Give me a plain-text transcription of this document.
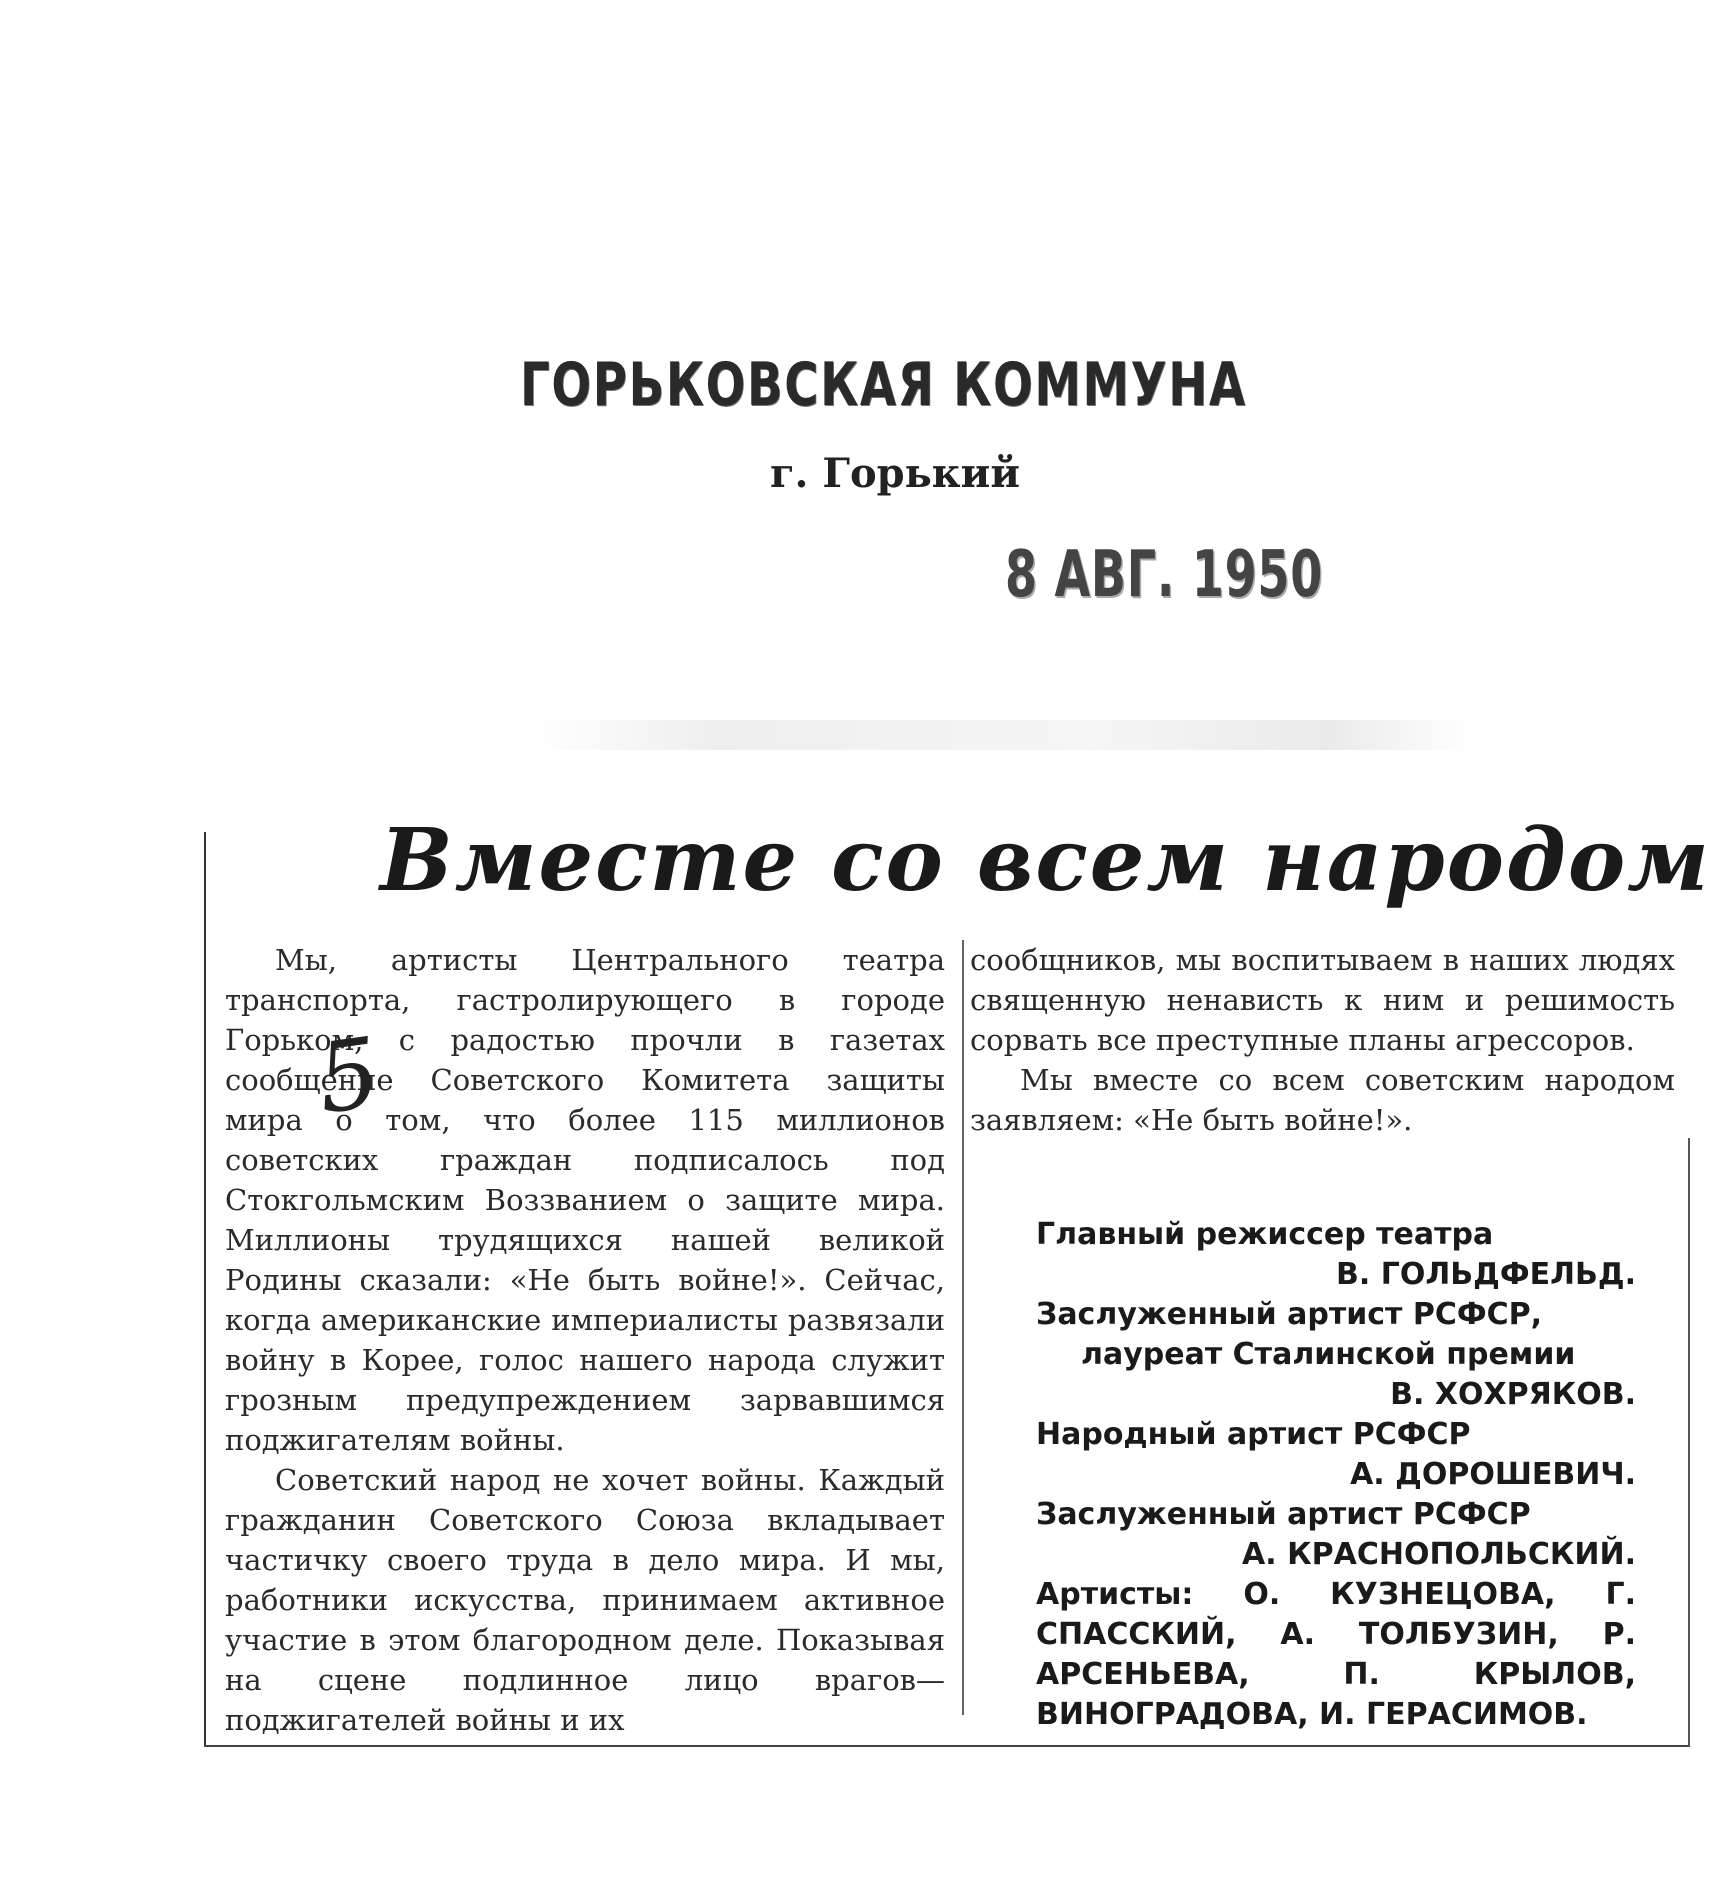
ГОРЬКОВСКАЯ КОММУНА
г. Горький
8 АВГ. 1950
Вместе со всем народом

Мы, артисты Центрального театра транспорта, гастролирующего в городе Горьком, с радостью прочли в газетах сообщение Советского Комитета защиты мира о том, что более 115 миллионов советских граждан подписалось под Стокгольмским Воззванием о защите мира. Миллионы трудящихся нашей великой Родины сказали: «Не быть войне!». Сейчас, когда американские империалисты развязали войну в Корее, голос нашего народа служит грозным предупреждением зарвавшимся поджигателям войны.

Советский народ не хочет войны. Каждый гражданин Советского Союза вкладывает частичку своего труда в дело мира. И мы, работники искусства, принимаем активное участие в этом благородном деле. Показывая на сцене подлинное лицо врагов—поджигателей войны и их

сообщников, мы воспитываем в наших людях священную ненависть к ним и решимость сорвать все преступные планы агрессоров.

Мы вместе со всем советским народом заявляем: «Не быть войне!».

Главный режиссер театра
В. ГОЛЬДФЕЛЬД.
Заслуженный артист РСФСР,
лауреат Сталинской премии
В. ХОХРЯКОВ.
Народный артист РСФСР
А. ДОРОШЕВИЧ.
Заслуженный артист РСФСР
А. КРАСНОПОЛЬСКИЙ.
Артисты: О. КУЗНЕЦОВА, Г. СПАССКИЙ, А. ТОЛБУЗИН, Р. АРСЕНЬЕВА, П. КРЫЛОВ, ВИНОГРАДОВА, И. ГЕРАСИМОВ.
5
